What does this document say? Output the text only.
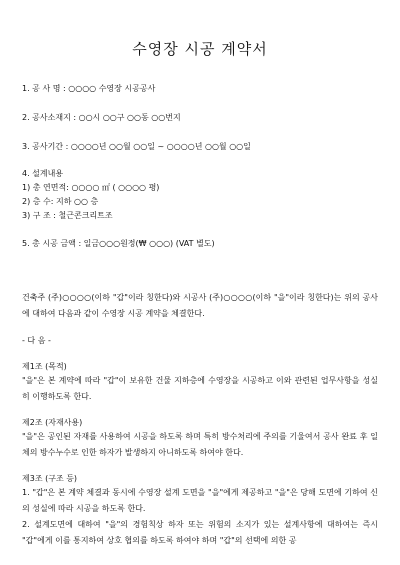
수영장 시공 계약서
1. 공 사 명 : ○○○○ 수영장 시공공사
2. 공사소재지 : ○○시 ○○구 ○○동 ○○번지
3. 공사기간 : ○○○○년 ○○월 ○○일 ~ ○○○○년 ○○월 ○○일
4. 설계내용
1) 총 연면적: ○○○○ ㎡ ( ○○○○ 평)
2) 층 수: 지하 ○○ 층
3) 구 조 : 철근콘크리트조
5. 총 시공 금액 : 일금○○○원정(₩ ○○○) (VAT 별도)
건축주 (주)○○○○(이하 "갑"이라 칭한다)와 시공사 (주)○○○○(이하 "을"이라 칭한다)는 위의 공사에 대하여 다음과 같이 수영장 시공 계약을 체결한다.
- 다 음 -
제1조 (목적)
"을"은 본 계약에 따라 "갑"이 보유한 건물 지하층에 수영장을 시공하고 이와 관련된 업무사항을 성실히 이행하도록 한다.
제2조 (자재사용)
"을"은 공인된 자재를 사용하여 시공을 하도록 하며 특히 방수처리에 주의를 기울여서 공사 완료 후 일체의 방수누수로 인한 하자가 발생하지 아니하도록 하여야 한다.
제3조 (구조 등)
1. "갑"은 본 계약 체결과 동시에 수영장 설계 도면을 "을"에게 제공하고 "을"은 당해 도면에 기하여 신의 성실에 따라 시공을 하도록 한다.
2. 설계도면에 대하여 "을"의 경험칙상 하자 또는 위험의 소지가 있는 설계사항에 대하여는 즉시 "갑"에게 이를 통지하여 상호 협의를 하도록 하여야 하며 "갑"의 선택에 의한 공
